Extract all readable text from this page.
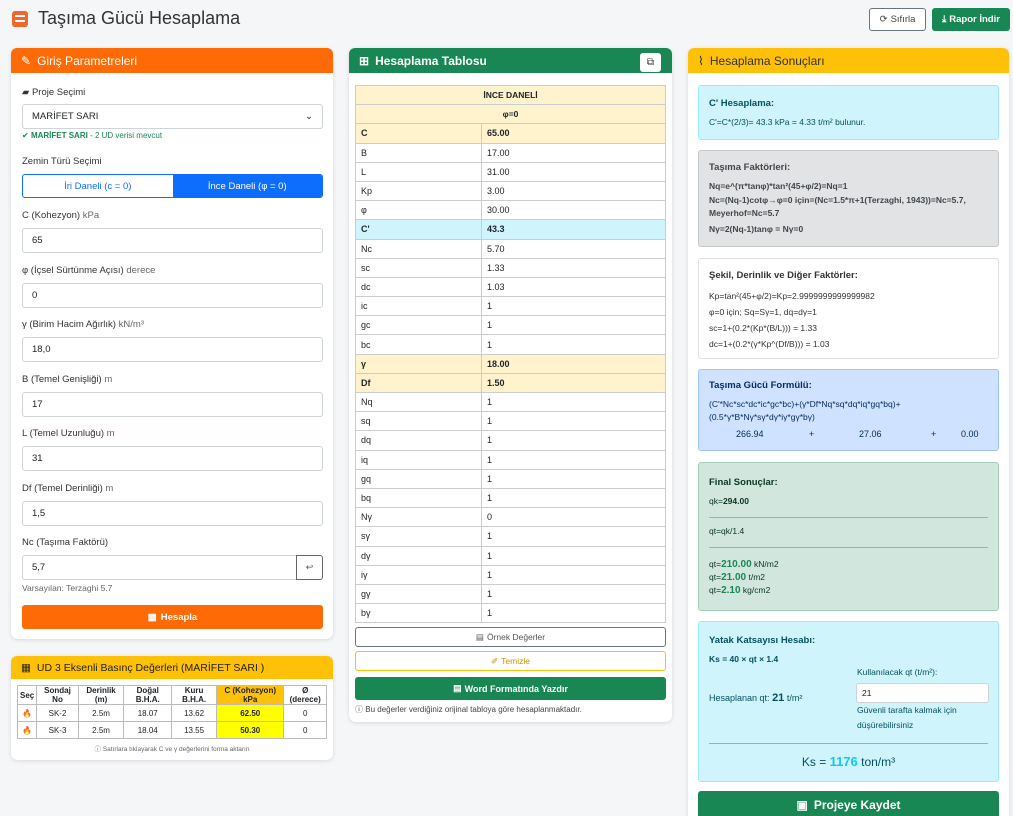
Taşıma Gücü Hesaplama	⟳ Sıfırla	⤓ Rapor İndir
✎ Giriş Parametreleri
▰ Proje Seçimi
MARİFET SARI	⌄
✔ MARİFET SARI - 2 UD verisi mevcut
Zemin Türü Seçimi
İri Daneli (c = 0)	İnce Daneli (φ = 0)
C (Kohezyon) kPa
65
φ (İçsel Sürtünme Açısı) derece
0
γ (Birim Hacim Ağırlık) kN/m³
18,0
B (Temel Genişliği) m
17
L (Temel Uzunluğu) m
31
Df (Temel Derinliği) m
1,5
Nc (Taşıma Faktörü)
5,7	↩
Varsayılan: Terzaghi 5.7
▦ Hesapla
▦ UD 3 Eksenli Basınç Değerleri (MARİFET SARI )
Seç	Sondaj No	Derinlik (m)	Doğal B.H.A.	Kuru B.H.A.	C (Kohezyon) kPa	Ø (derece)
🔥	SK-2	2.5m	18.07	13.62	62.50	0
🔥	SK-3	2.5m	18.04	13.55	50.30	0
ⓘ Satırlara tıklayarak C ve γ değerlerini forma aktarın
⊞ Hesaplama Tablosu	⧉
İNCE DANELİ	
φ=0	
C	65.00
B	17.00
L	31.00
Kp	3.00
φ	30.00
C'	43.3
Nc	5.70
sc	1.33
dc	1.03
ic	1
gc	1
bc	1
γ	18.00
Df	1.50
Nq	1
sq	1
dq	1
iq	1
gq	1
bq	1
Nγ	0
sγ	1
dγ	1
iγ	1
gγ	1
bγ	1
▤ Örnek Değerler
✐ Temizle
▤ Word Formatında Yazdır
ⓘ Bu değerler verdiğiniz orijinal tabloya göre hesaplanmaktadır.
⌇ Hesaplama Sonuçları
C' Hesaplama:
C'=C*(2/3)= 43.3 kPa = 4.33 t/m² bulunur.
Taşıma Faktörleri:
Nq=e^(π*tanφ)*tan²(45+φ/2)=Nq=1
Nc=(Nq-1)cotφ→φ=0 için=(Nc=1.5*π+1(Terzaghi, 1943))=Nc=5.7, Meyerhof=Nc=5.7
Nγ=2(Nq-1)tanφ = Nγ=0
Şekil, Derinlik ve Diğer Faktörler:
Kp=tan²(45+φ/2)=Kp=2.9999999999999982
φ=0 için; Sq=Sγ=1, dq=dγ=1
sc=1+(0.2*(Kp*(B/L))) = 1.33
dc=1+(0.2*(γ*Kp^(Df/B))) = 1.03
Taşıma Gücü Formülü:
(C'*Nc*sc*dc*ic*gc*bc)+(γ*Df*Nq*sq*dq*iq*gq*bq)+(0.5*γ*B*Nγ*sγ*dγ*iγ*gγ*bγ)
266.94	+	27.06	+	0.00
Final Sonuçlar:
qk=294.00
qt=qk/1.4
qt=210.00 kN/m2
qt=21.00 t/m2
qt=2.10 kg/cm2
Yatak Katsayısı Hesabı:
Ks = 40 × qt × 1.4
Kullanılacak qt (t/m²):
21
Güvenli tarafta kalmak için düşürebilirsiniz
Hesaplanan qt: 21 t/m²
Ks = 1176 ton/m³
▣ Projeye Kaydet
